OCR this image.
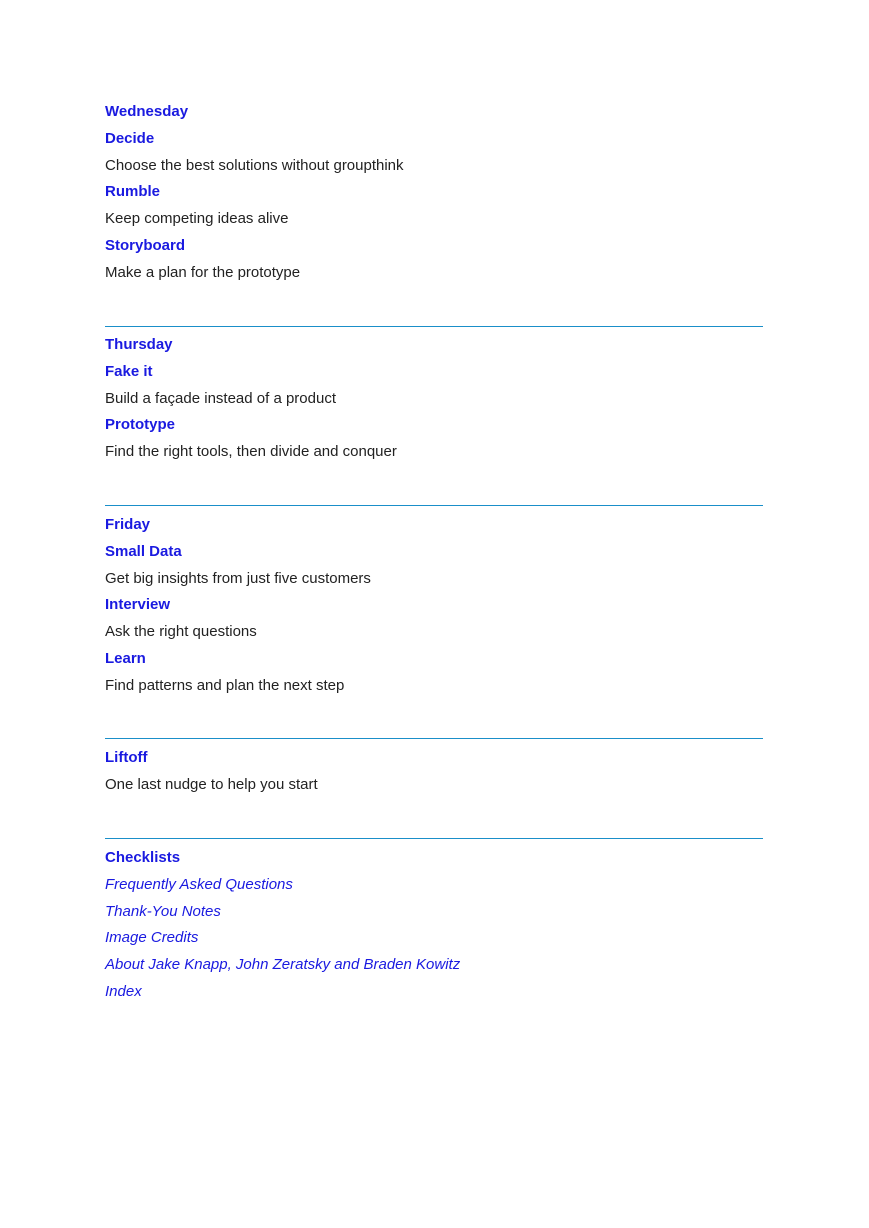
Wednesday
Decide
Choose the best solutions without groupthink
Rumble
Keep competing ideas alive
Storyboard
Make a plan for the prototype
Thursday
Fake it
Build a façade instead of a product
Prototype
Find the right tools, then divide and conquer
Friday
Small Data
Get big insights from just five customers
Interview
Ask the right questions
Learn
Find patterns and plan the next step
Liftoff
One last nudge to help you start
Checklists
Frequently Asked Questions
Thank-You Notes
Image Credits
About Jake Knapp, John Zeratsky and Braden Kowitz
Index
